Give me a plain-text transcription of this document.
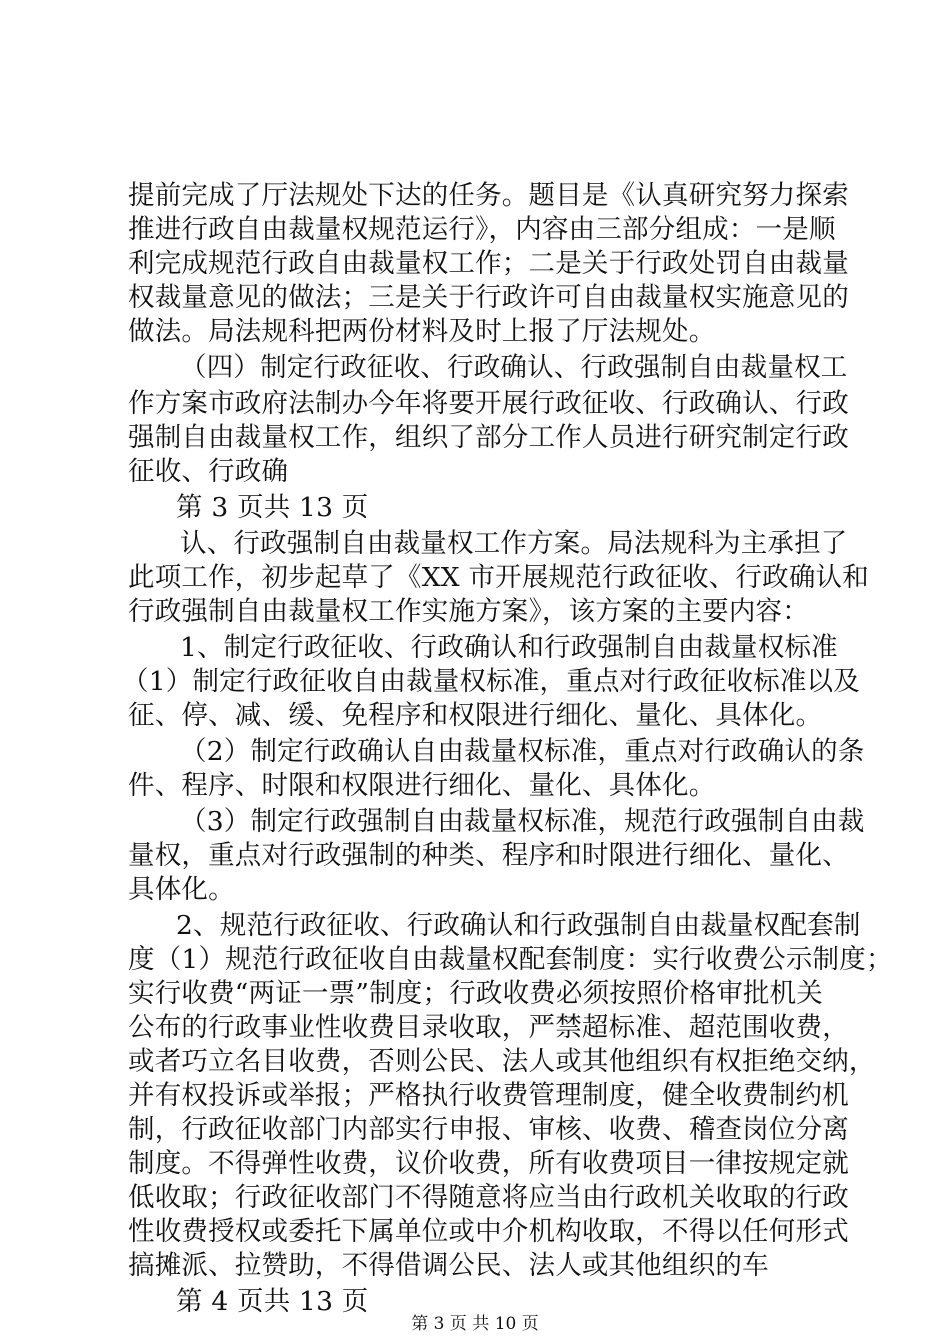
提前完成了厅法规处下达的任务。题目是《认真研究努力探索
推进行政自由裁量权规范运行》，内容由三部分组成：一是顺
利完成规范行政自由裁量权工作；二是关于行政处罚自由裁量
权裁量意见的做法；三是关于行政许可自由裁量权实施意见的
做法。局法规科把两份材料及时上报了厅法规处。
（四）制定行政征收、行政确认、行政强制自由裁量权工
作方案市政府法制办今年将要开展行政征收、行政确认、行政
强制自由裁量权工作，组织了部分工作人员进行研究制定行政
征收、行政确
第 3 页共 13 页
认、行政强制自由裁量权工作方案。局法规科为主承担了
此项工作，初步起草了《XX 市开展规范行政征收、行政确认和
行政强制自由裁量权工作实施方案》，该方案的主要内容：
1、制定行政征收、行政确认和行政强制自由裁量权标准
（1）制定行政征收自由裁量权标准，重点对行政征收标准以及
征、停、减、缓、免程序和权限进行细化、量化、具体化。
（2）制定行政确认自由裁量权标准，重点对行政确认的条
件、程序、时限和权限进行细化、量化、具体化。
（3）制定行政强制自由裁量权标准，规范行政强制自由裁
量权，重点对行政强制的种类、程序和时限进行细化、量化、
具体化。
2、规范行政征收、行政确认和行政强制自由裁量权配套制
度（1）规范行政征收自由裁量权配套制度：实行收费公示制度；
实行收费“两证一票”制度；行政收费必须按照价格审批机关
公布的行政事业性收费目录收取，严禁超标准、超范围收费，
或者巧立名目收费，否则公民、法人或其他组织有权拒绝交纳，
并有权投诉或举报；严格执行收费管理制度，健全收费制约机
制，行政征收部门内部实行申报、审核、收费、稽查岗位分离
制度。不得弹性收费，议价收费，所有收费项目一律按规定就
低收取；行政征收部门不得随意将应当由行政机关收取的行政
性收费授权或委托下属单位或中介机构收取，不得以任何形式
搞摊派、拉赞助，不得借调公民、法人或其他组织的车
第 4 页共 13 页
第 3 页 共 10 页
